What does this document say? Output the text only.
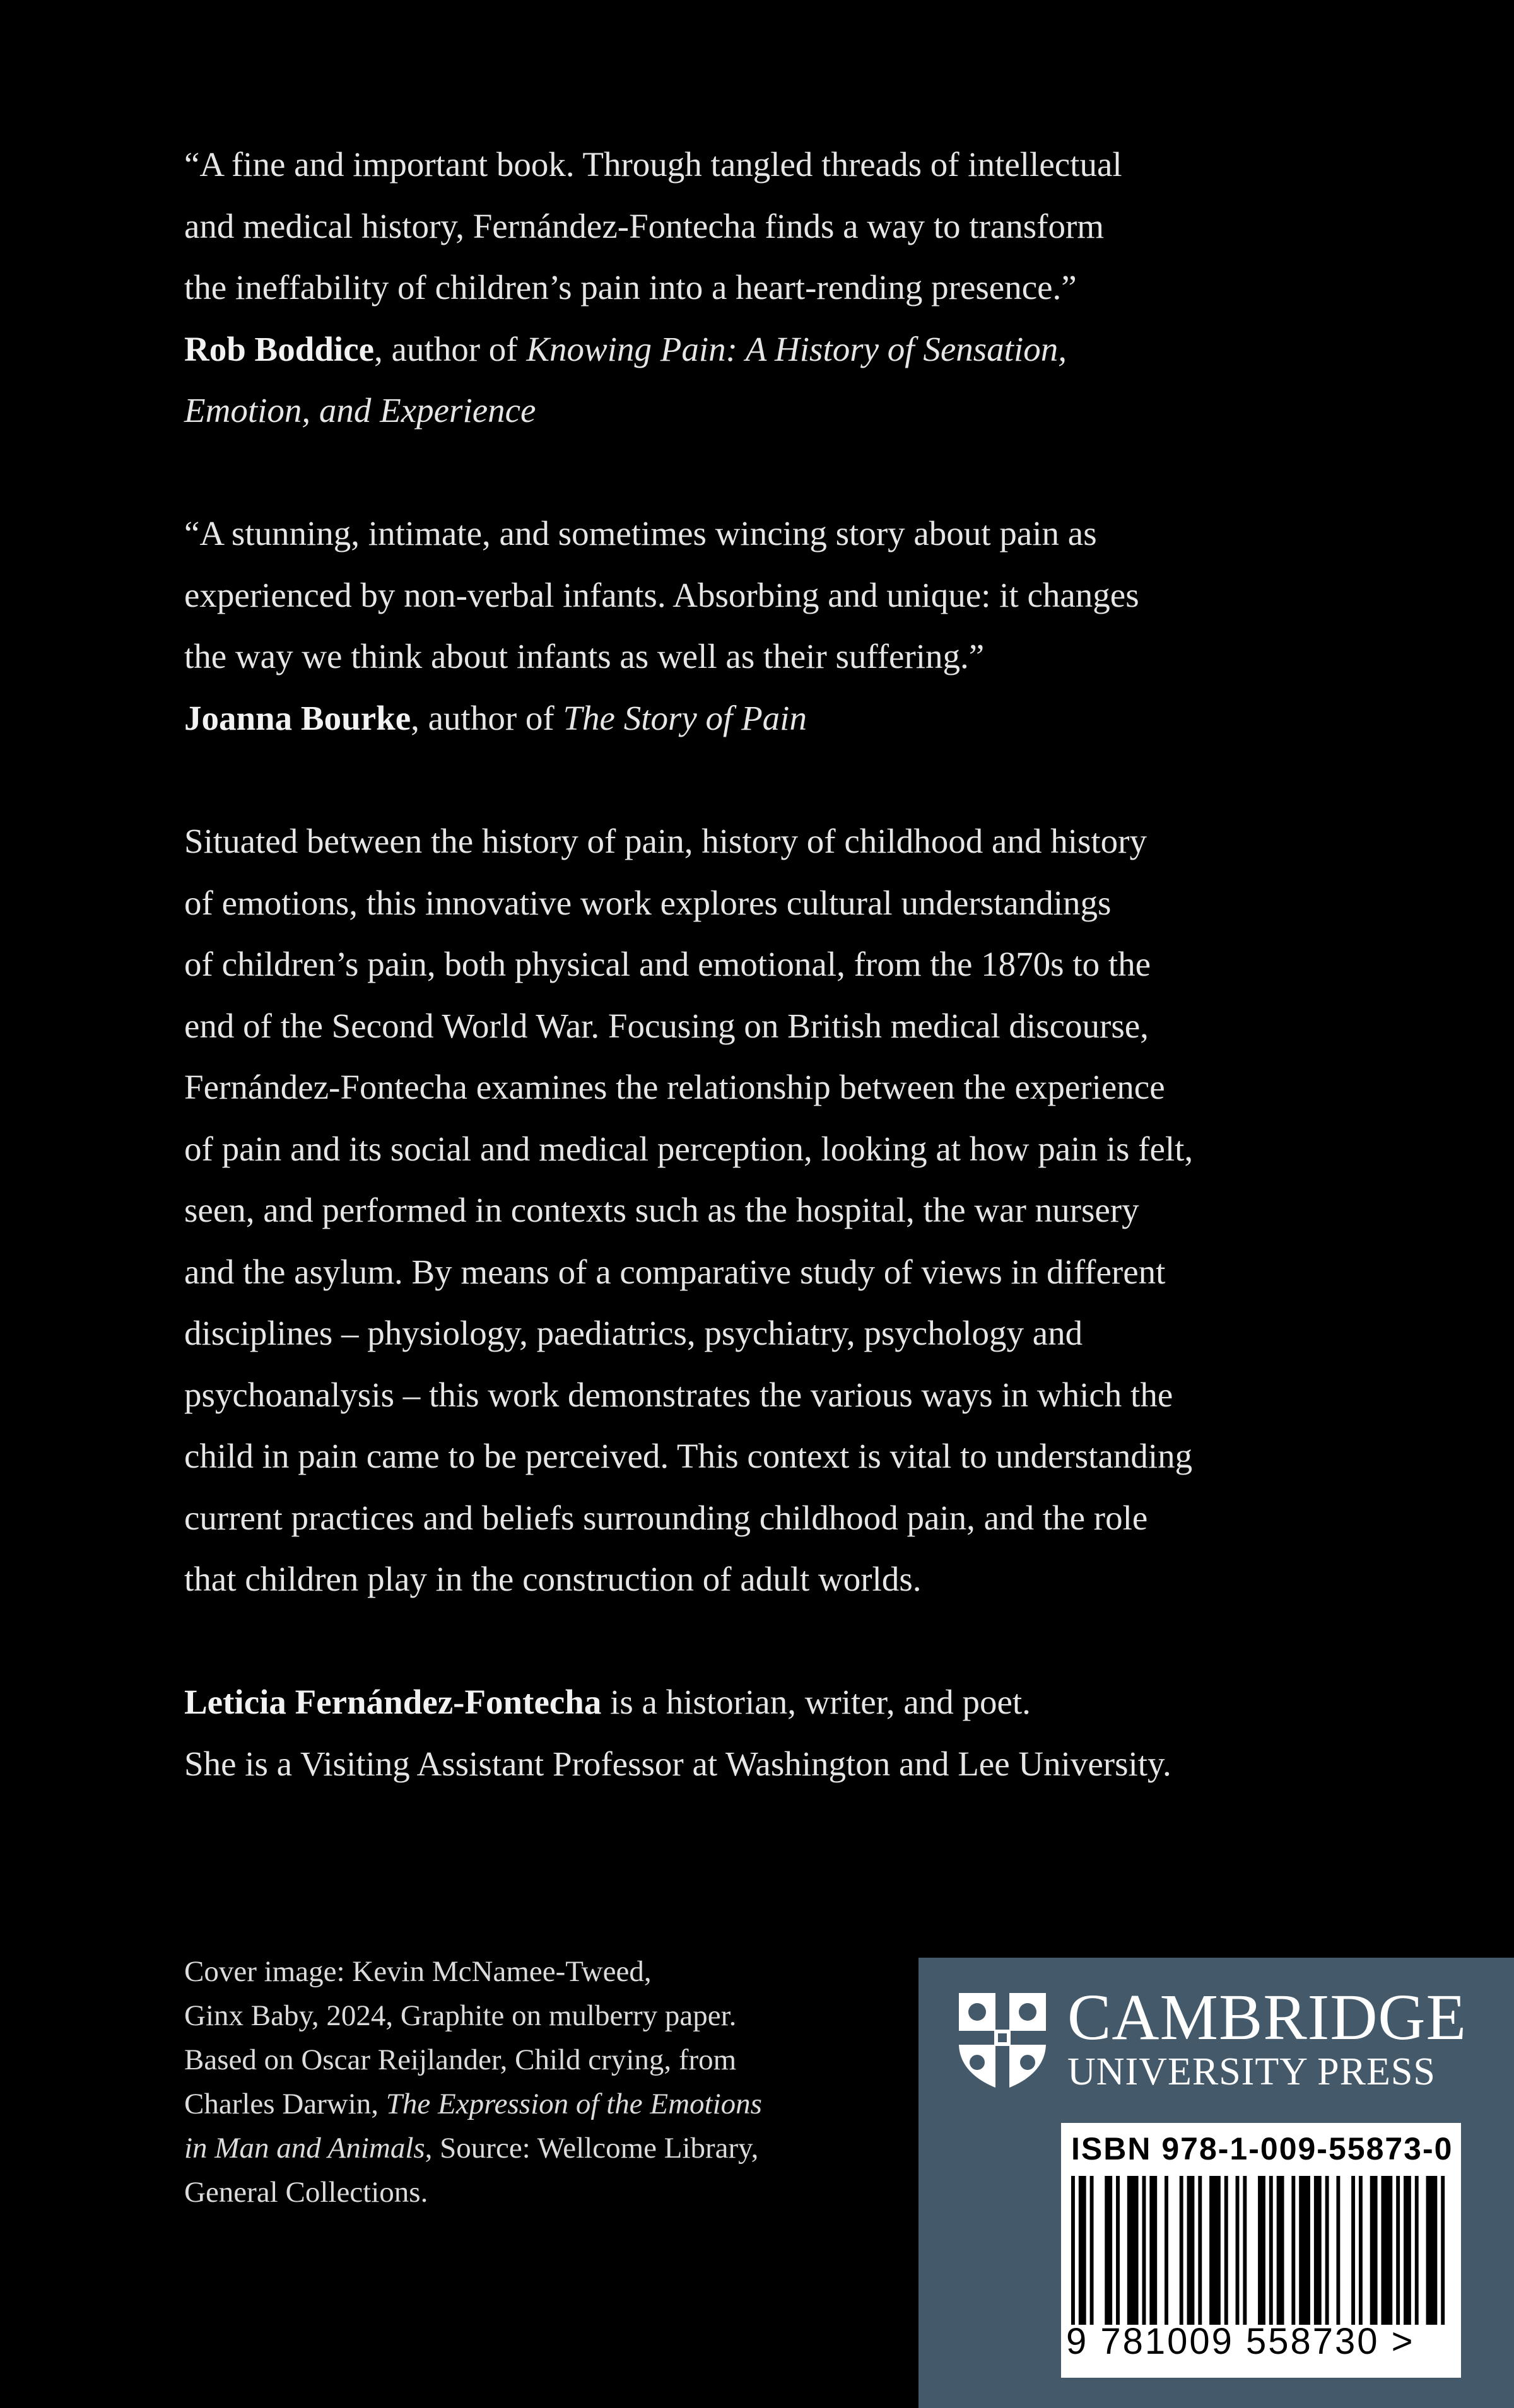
“A fine and important book. Through tangled threads of intellectual

and medical history, Fernández-Fontecha finds a way to transform

the ineffability of children’s pain into a heart-rending presence.”

Rob Boddice, author of Knowing Pain: A History of Sensation,

Emotion, and Experience

“A stunning, intimate, and sometimes wincing story about pain as

experienced by non-verbal infants. Absorbing and unique: it changes

the way we think about infants as well as their suffering.”

Joanna Bourke, author of The Story of Pain

Situated between the history of pain, history of childhood and history

of emotions, this innovative work explores cultural understandings

of children’s pain, both physical and emotional, from the 1870s to the

end of the Second World War. Focusing on British medical discourse,

Fernández-Fontecha examines the relationship between the experience

of pain and its social and medical perception, looking at how pain is felt,

seen, and performed in contexts such as the hospital, the war nursery

and the asylum. By means of a comparative study of views in different

disciplines – physiology, paediatrics, psychiatry, psychology and

psychoanalysis – this work demonstrates the various ways in which the

child in pain came to be perceived. This context is vital to understanding

current practices and beliefs surrounding childhood pain, and the role

that children play in the construction of adult worlds.

Leticia Fernández-Fontecha is a historian, writer, and poet.

She is a Visiting Assistant Professor at Washington and Lee University.

Cover image: Kevin McNamee-Tweed,
Ginx Baby, 2024, Graphite on mulberry paper.
Based on Oscar Reijlander, Child crying, from
Charles Darwin, The Expression of the Emotions
in Man and Animals, Source: Wellcome Library,
General Collections.
CAMBRIDGE
UNIVERSITY PRESS
ISBN 978-1-009-55873-0
9 781009 558730 >
